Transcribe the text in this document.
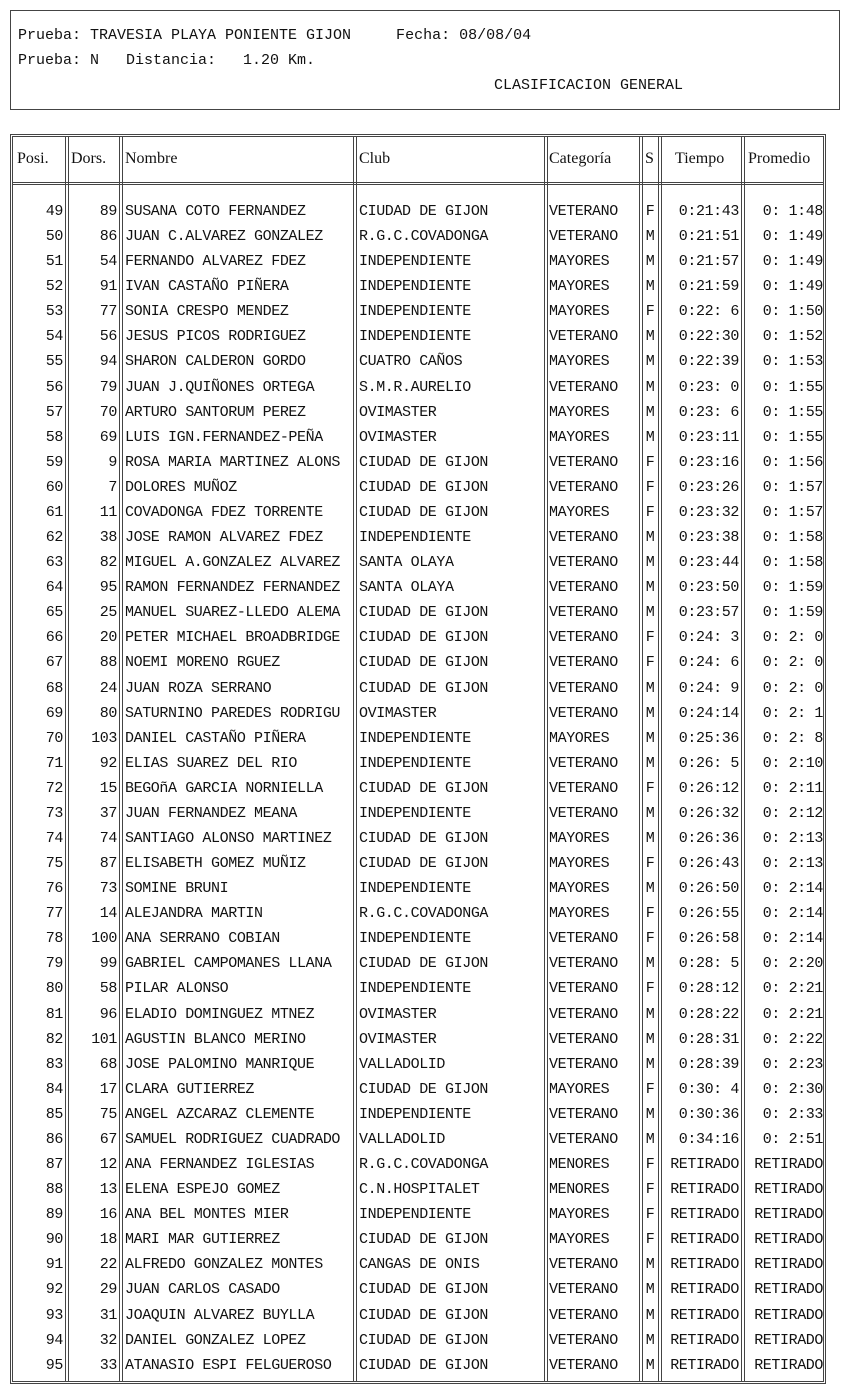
Prueba: TRAVESIA PLAYA PONIENTE GIJON     Fecha: 08/08/04
Prueba: N   Distancia:   1.20 Km.
CLASIFICACION GENERAL
Posi. Dors. Nombre	Club	Categoría S Tiempo Promedio
49	89 SUSANA COTO FERNANDEZ	CIUDAD DE GIJON	VETERANO	F	0:21:43	0: 1:48
50	86 JUAN C.ALVAREZ GONZALEZ	R.G.C.COVADONGA	VETERANO	M	0:21:51	0: 1:49
51	54 FERNANDO ALVAREZ FDEZ	INDEPENDIENTE	MAYORES	M	0:21:57	0: 1:49
52	91 IVAN CASTAÑO PIÑERA	INDEPENDIENTE	MAYORES	M	0:21:59	0: 1:49
53	77 SONIA CRESPO MENDEZ	INDEPENDIENTE	MAYORES	F	0:22: 6	0: 1:50
54	56 JESUS PICOS RODRIGUEZ	INDEPENDIENTE	VETERANO	M	0:22:30	0: 1:52
55	94 SHARON CALDERON GORDO	CUATRO CAÑOS	MAYORES	M	0:22:39	0: 1:53
56	79 JUAN J.QUIÑONES ORTEGA	S.M.R.AURELIO	VETERANO	M	0:23: 0	0: 1:55
57	70 ARTURO SANTORUM PEREZ	OVIMASTER	MAYORES	M	0:23: 6	0: 1:55
58	69 LUIS IGN.FERNANDEZ-PEÑA	OVIMASTER	MAYORES	M	0:23:11	0: 1:55
59	9 ROSA MARIA MARTINEZ ALONS	CIUDAD DE GIJON	VETERANO	F	0:23:16	0: 1:56
60	7 DOLORES MUÑOZ	CIUDAD DE GIJON	VETERANO	F	0:23:26	0: 1:57
61	11 COVADONGA FDEZ TORRENTE	CIUDAD DE GIJON	MAYORES	F	0:23:32	0: 1:57
62	38 JOSE RAMON ALVAREZ FDEZ	INDEPENDIENTE	VETERANO	M	0:23:38	0: 1:58
63	82 MIGUEL A.GONZALEZ ALVAREZ	SANTA OLAYA	VETERANO	M	0:23:44	0: 1:58
64	95 RAMON FERNANDEZ FERNANDEZ	SANTA OLAYA	VETERANO	M	0:23:50	0: 1:59
65	25 MANUEL SUAREZ-LLEDO ALEMA	CIUDAD DE GIJON	VETERANO	M	0:23:57	0: 1:59
66	20 PETER MICHAEL BROADBRIDGE	CIUDAD DE GIJON	VETERANO	F	0:24: 3	0: 2: 0
67	88 NOEMI MORENO RGUEZ	CIUDAD DE GIJON	VETERANO	F	0:24: 6	0: 2: 0
68	24 JUAN ROZA SERRANO	CIUDAD DE GIJON	VETERANO	M	0:24: 9	0: 2: 0
69	80 SATURNINO PAREDES RODRIGU	OVIMASTER	VETERANO	M	0:24:14	0: 2: 1
70	103 DANIEL CASTAÑO PIÑERA	INDEPENDIENTE	MAYORES	M	0:25:36	0: 2: 8
71	92 ELIAS SUAREZ DEL RIO	INDEPENDIENTE	VETERANO	M	0:26: 5	0: 2:10
72	15 BEGOñA GARCIA NORNIELLA	CIUDAD DE GIJON	VETERANO	F	0:26:12	0: 2:11
73	37 JUAN FERNANDEZ MEANA	INDEPENDIENTE	VETERANO	M	0:26:32	0: 2:12
74	74 SANTIAGO ALONSO MARTINEZ	CIUDAD DE GIJON	MAYORES	M	0:26:36	0: 2:13
75	87 ELISABETH GOMEZ MUÑIZ	CIUDAD DE GIJON	MAYORES	F	0:26:43	0: 2:13
76	73 SOMINE BRUNI	INDEPENDIENTE	MAYORES	M	0:26:50	0: 2:14
77	14 ALEJANDRA MARTIN	R.G.C.COVADONGA	MAYORES	F	0:26:55	0: 2:14
78	100 ANA SERRANO COBIAN	INDEPENDIENTE	VETERANO	F	0:26:58	0: 2:14
79	99 GABRIEL CAMPOMANES LLANA	CIUDAD DE GIJON	VETERANO	M	0:28: 5	0: 2:20
80	58 PILAR ALONSO	INDEPENDIENTE	VETERANO	F	0:28:12	0: 2:21
81	96 ELADIO DOMINGUEZ MTNEZ	OVIMASTER	VETERANO	M	0:28:22	0: 2:21
82	101 AGUSTIN BLANCO MERINO	OVIMASTER	VETERANO	M	0:28:31	0: 2:22
83	68 JOSE PALOMINO MANRIQUE	VALLADOLID	VETERANO	M	0:28:39	0: 2:23
84	17 CLARA GUTIERREZ	CIUDAD DE GIJON	MAYORES	F	0:30: 4	0: 2:30
85	75 ANGEL AZCARAZ CLEMENTE	INDEPENDIENTE	VETERANO	M	0:30:36	0: 2:33
86	67 SAMUEL RODRIGUEZ CUADRADO	VALLADOLID	VETERANO	M	0:34:16	0: 2:51
87	12 ANA FERNANDEZ IGLESIAS	R.G.C.COVADONGA	MENORES	F	RETIRADO	RETIRADO
88	13 ELENA ESPEJO GOMEZ	C.N.HOSPITALET	MENORES	F	RETIRADO	RETIRADO
89	16 ANA BEL MONTES MIER	INDEPENDIENTE	MAYORES	F	RETIRADO	RETIRADO
90	18 MARI MAR GUTIERREZ	CIUDAD DE GIJON	MAYORES	F	RETIRADO	RETIRADO
91	22 ALFREDO GONZALEZ MONTES	CANGAS DE ONIS	VETERANO	M	RETIRADO	RETIRADO
92	29 JUAN CARLOS CASADO	CIUDAD DE GIJON	VETERANO	M	RETIRADO	RETIRADO
93	31 JOAQUIN ALVAREZ BUYLLA	CIUDAD DE GIJON	VETERANO	M	RETIRADO	RETIRADO
94	32 DANIEL GONZALEZ LOPEZ	CIUDAD DE GIJON	VETERANO	M	RETIRADO	RETIRADO
95	33 ATANASIO ESPI FELGUEROSO	CIUDAD DE GIJON	VETERANO	M	RETIRADO	RETIRADO
